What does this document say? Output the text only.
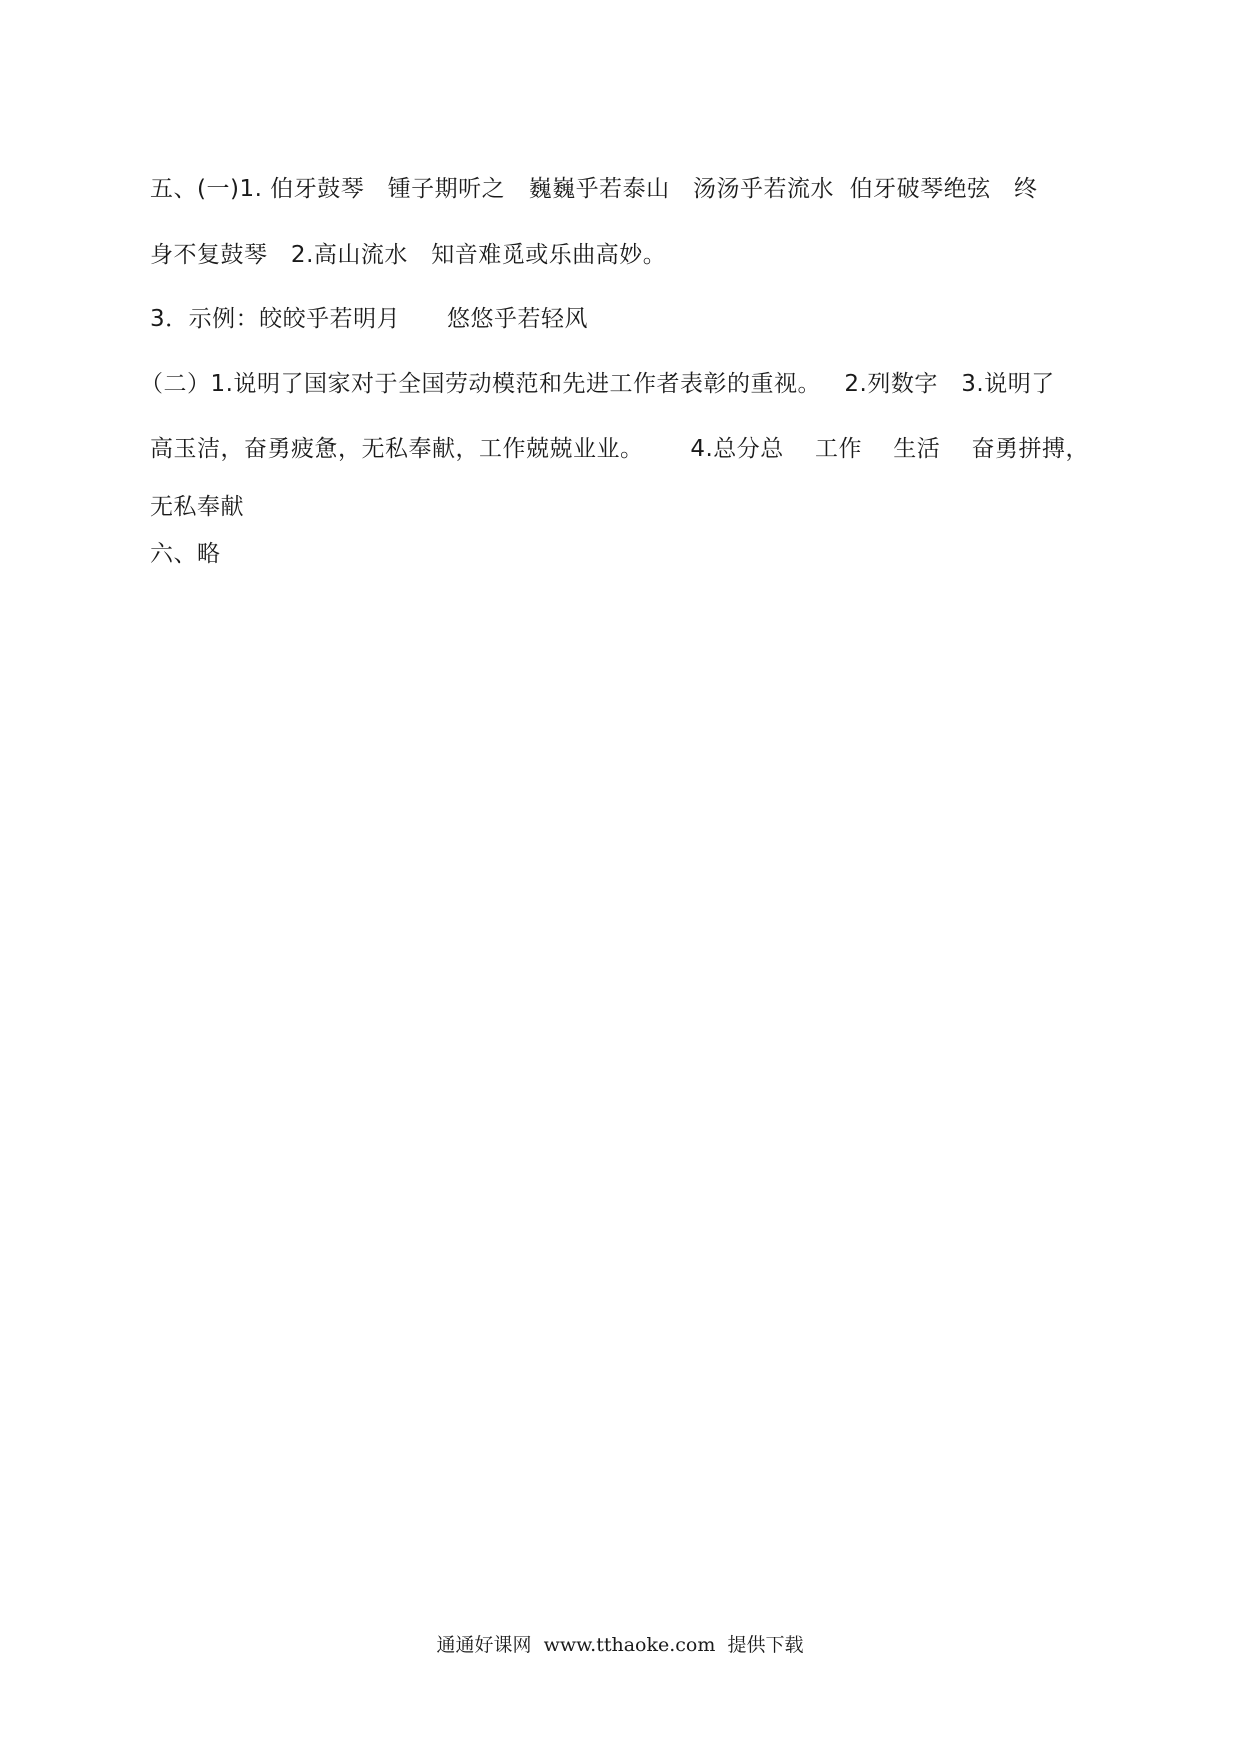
五、(一)1. 伯牙鼓琴   锺子期听之   巍巍乎若泰山   汤汤乎若流水  伯牙破琴绝弦   终
身不复鼓琴   2.高山流水   知音难觅或乐曲高妙。
3．示例：皎皎乎若明月      悠悠乎若轻风
（二）1.说明了国家对于全国劳动模范和先进工作者表彰的重视。   2.列数字   3.说明了
高玉洁，奋勇疲惫，无私奉献，工作兢兢业业。      4.总分总    工作    生活    奋勇拼搏，
无私奉献
六、略
通通好课网  www.tthaoke.com  提供下载
